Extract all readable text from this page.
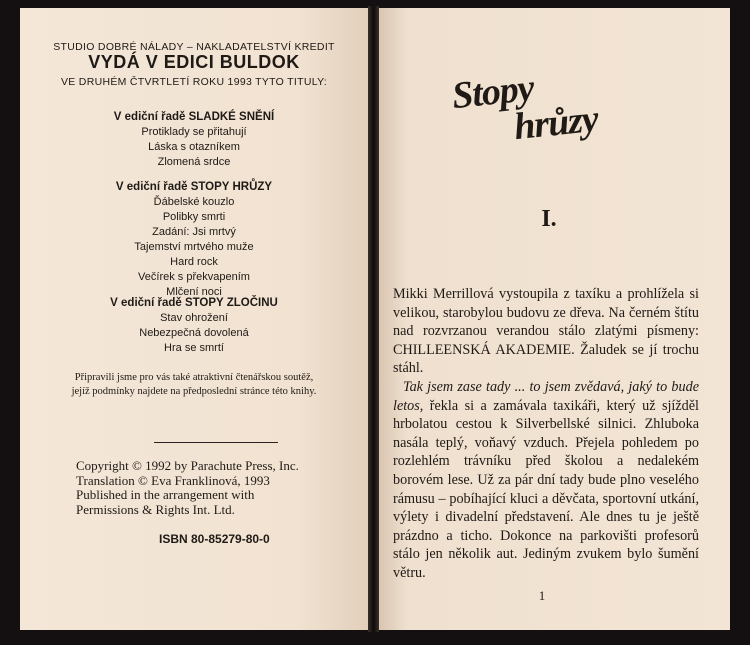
STUDIO DOBRÉ NÁLADY – NAKLADATELSTVÍ KREDIT
VYDÁ V EDICI BULDOK
VE DRUHÉM ČTVRTLETÍ ROKU 1993 TYTO TITULY:
V ediční řadě SLADKÉ SNĚNÍ
Protiklady se přitahují
Láska s otazníkem
Zlomená srdce
V ediční řadě STOPY HRŮZY
Ďábelské kouzlo
Polibky smrti
Zadání: Jsi mrtvý
Tajemství mrtvého muže
Hard rock
Večírek s překvapením
Mlčení noci
V ediční řadě STOPY ZLOČINU
Stav ohrožení
Nebezpečná dovolená
Hra se smrtí
Připravili jsme pro vás také atraktivní čtenářskou soutěž,
jejíž podmínky najdete na předposlední stránce této knihy.
Copyright © 1992 by Parachute Press, Inc.
Translation © Eva Franklinová, 1993
Published in the arrangement with
Permissions & Rights Int. Ltd.
ISBN 80-85279-80-0
Stopy
hrůzy
I.

Mikki Merrillová vystoupila z taxíku a prohlížela si velikou, starobylou budovu ze dřeva. Na černém štítu nad rozvrzanou verandou stálo zlatými písmeny: CHILLEENSKÁ AKADEMIE. Žaludek se jí trochu stáhl.

Tak jsem zase tady ... to jsem zvědavá, jaký to bude letos, řekla si a zamávala taxikáři, který už sjížděl hrbolatou cestou k Silverbellské silnici. Zhluboka nasála teplý, voňavý vzduch. Přejela pohledem po rozlehlém trávníku před školou a nedalekém borovém lese. Už za pár dní tady bude plno veselého rámusu – pobíhající kluci a děvčata, sportovní utkání, výlety i divadelní představení. Ale dnes tu je ještě prázdno a ticho. Dokonce na parkovišti profesorů stálo jen několik aut. Jediným zvukem bylo šumění větru.

1
